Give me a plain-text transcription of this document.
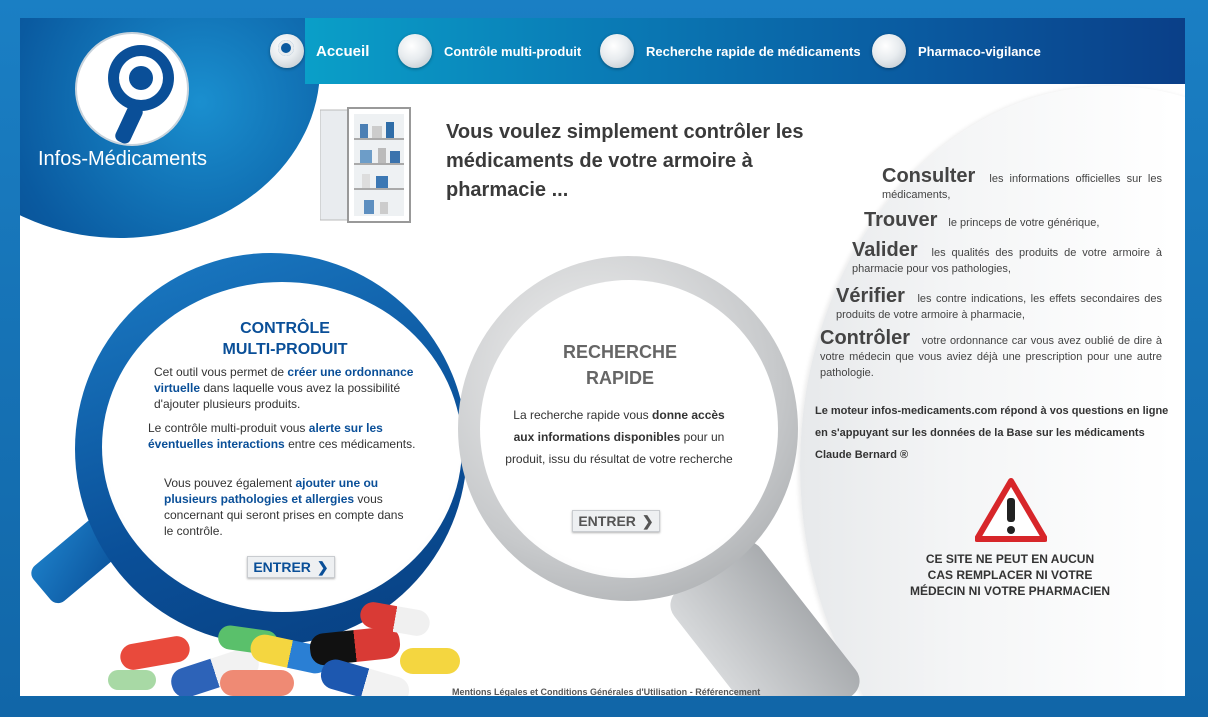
Infos-Médicaments
Accueil	Contrôle multi-produit	Recherche rapide de médicaments	Pharmaco-vigilance
Vous voulez simplement contrôler les médicaments de votre armoire à pharmacie ...
Consulter les informations officielles sur les médicaments,
Trouver le princeps de votre générique,
Valider les qualités des produits de votre armoire à pharmacie pour vos pathologies,
Vérifier les contre indications, les effets secondaires des produits de votre armoire à pharmacie,
Contrôler votre ordonnance car vous avez oublié de dire à votre médecin que vous aviez déjà une prescription pour une autre pathologie.
Le moteur infos-medicaments.com répond à vos questions en ligne en s'appuyant sur les données de la Base sur les médicaments Claude Bernard ®
CE SITE NE PEUT EN AUCUN
CAS REMPLACER NI VOTRE
MÉDECIN NI VOTRE PHARMACIEN
CONTRÔLE
MULTI-PRODUIT
Cet outil vous permet de créer une ordonnance virtuelle dans laquelle vous avez la possibilité d'ajouter plusieurs produits.
Le contrôle multi-produit vous alerte sur les éventuelles interactions entre ces médicaments.
Vous pouvez également ajouter une ou plusieurs pathologies et allergies vous concernant qui seront prises en compte dans le contrôle.
ENTRER ❯
RECHERCHE
RAPIDE
La recherche rapide vous donne accès aux informations disponibles pour un produit, issu du résultat de votre recherche
ENTRER ❯
Mentions Légales et Conditions Générales d'Utilisation - Référencement
